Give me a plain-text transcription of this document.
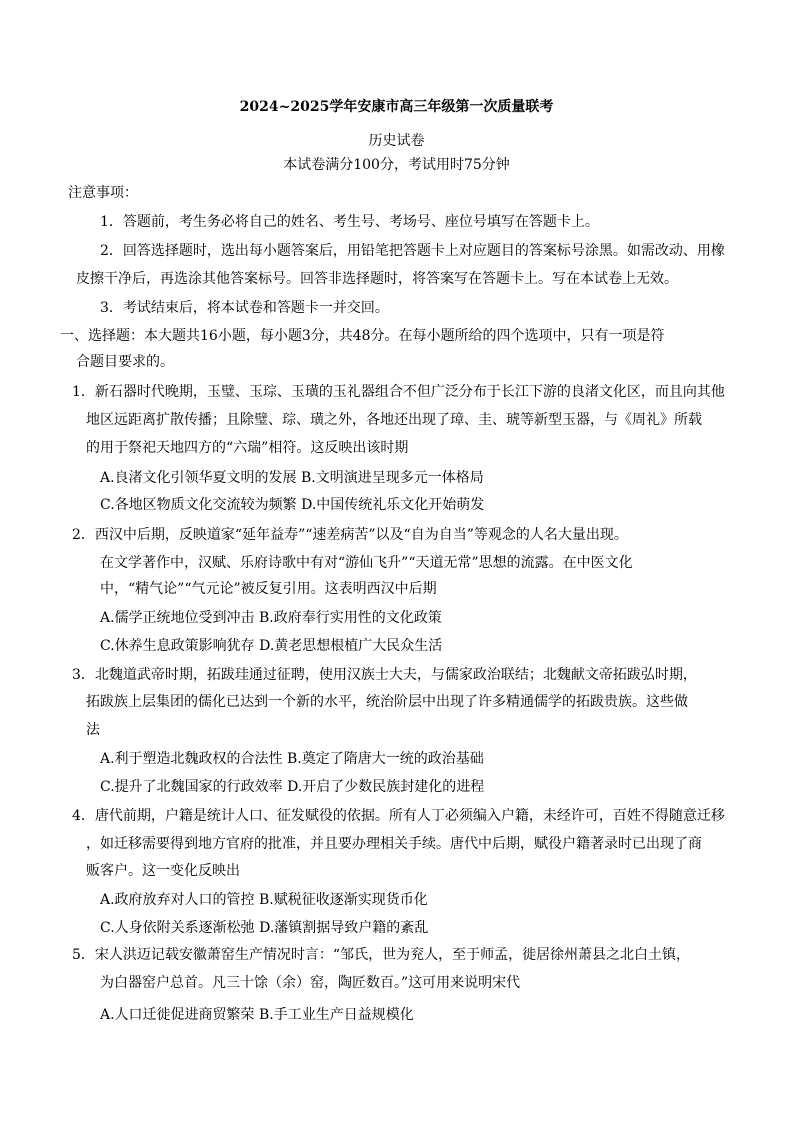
2024~2025学年安康市高三年级第一次质量联考
历史试卷
本试卷满分100分，考试用时75分钟
注意事项：
1．答题前，考生务必将自己的姓名、考生号、考场号、座位号填写在答题卡上。
2．回答选择题时，选出每小题答案后，用铅笔把答题卡上对应题目的答案标号涂黑。如需改动、用橡
皮擦干净后，再选涂其他答案标号。回答非选择题时，将答案写在答题卡上。写在本试卷上无效。
3．考试结束后，将本试卷和答题卡一并交回。
一、选择题：本大题共16小题，每小题3分，共48分。在每小题所给的四个选项中，只有一项是符
合题目要求的。
1．新石器时代晚期，玉璧、玉琮、玉璜的玉礼器组合不但广泛分布于长江下游的良渚文化区，而且向其他
地区远距离扩散传播；且除璧、琮、璜之外，各地还出现了璋、圭、琥等新型玉器，与《周礼》所载
的用于祭祀天地四方的“六瑞”相符。这反映出该时期
A.良渚文化引领华夏文明的发展 B.文明演进呈现多元一体格局
C.各地区物质文化交流较为频繁 D.中国传统礼乐文化开始萌发
2．西汉中后期，反映道家“延年益寿”“速差病苦”以及“自为自当”等观念的人名大量出现。
在文学著作中，汉赋、乐府诗歌中有对“游仙飞升”“天道无常”思想的流露。在中医文化
中，“精气论”“气元论”被反复引用。这表明西汉中后期
A.儒学正统地位受到冲击 B.政府奉行实用性的文化政策
C.休养生息政策影响犹存 D.黄老思想根植广大民众生活
3．北魏道武帝时期，拓跋珪通过征聘，使用汉族士大夫，与儒家政治联结；北魏献文帝拓跋弘时期，
拓跋族上层集团的儒化已达到一个新的水平，统治阶层中出现了许多精通儒学的拓跋贵族。这些做
法
A.利于塑造北魏政权的合法性 B.奠定了隋唐大一统的政治基础
C.提升了北魏国家的行政效率 D.开启了少数民族封建化的进程
4．唐代前期，户籍是统计人口、征发赋役的依据。所有人丁必须编入户籍，未经许可，百姓不得随意迁移
，如迁移需要得到地方官府的批准，并且要办理相关手续。唐代中后期，赋役户籍著录时已出现了商
贩客户。这一变化反映出
A.政府放弃对人口的管控 B.赋税征收逐渐实现货币化
C.人身依附关系逐渐松弛 D.藩镇割据导致户籍的紊乱
5．宋人洪迈记载安徽萧窑生产情况时言：“邹氏，世为兖人，至于师孟，徙居徐州萧县之北白土镇，
为白器窑户总首。凡三十馀（余）窑，陶匠数百。”这可用来说明宋代
A.人口迁徙促进商贸繁荣 B.手工业生产日益规模化
